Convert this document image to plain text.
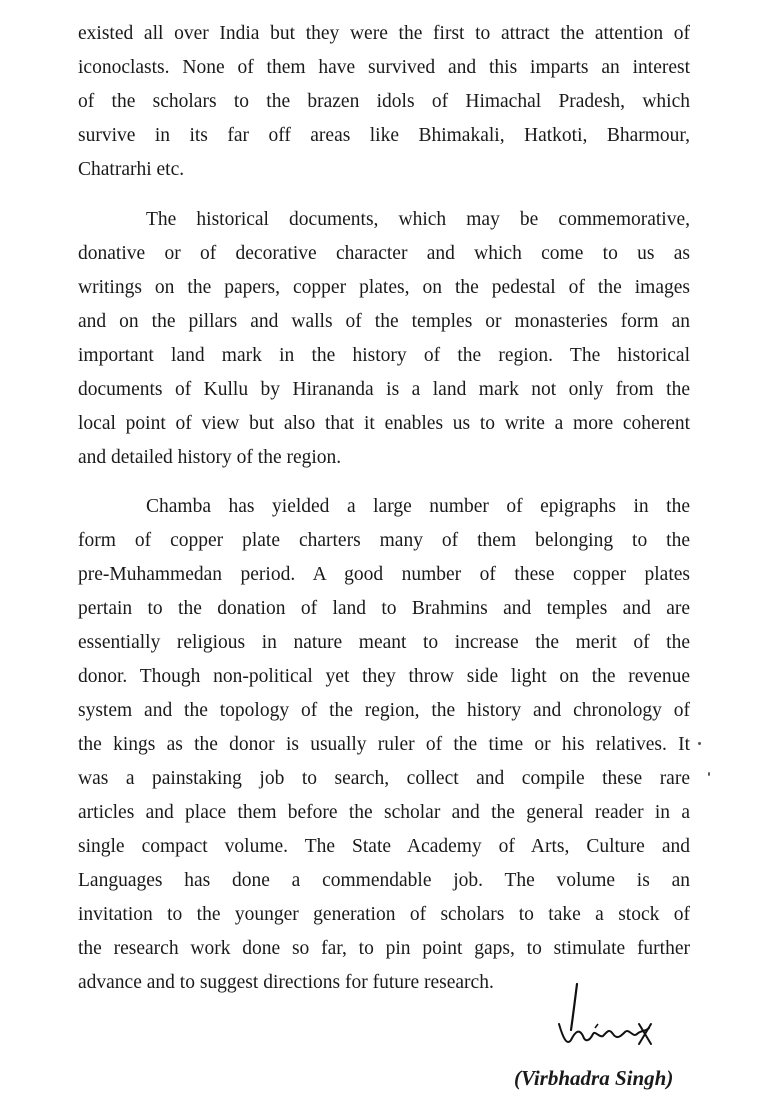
existed all over India but they were the first to attract the attention of
iconoclasts. None of them have survived and this imparts an interest
of the scholars to the brazen idols of Himachal Pradesh, which
survive in its far off areas like Bhimakali, Hatkoti, Bharmour,
Chatrarhi etc.
The historical documents, which may be commemorative,
donative or of decorative character and which come to us as
writings on the papers, copper plates, on the pedestal of the images
and on the pillars and walls of the temples or monasteries form an
important land mark in the history of the region. The historical
documents of Kullu by Hirananda is a land mark not only from the
local point of view but also that it enables us to write a more coherent
and detailed history of the region.
Chamba has yielded a large number of epigraphs in the
form of copper plate charters many of them belonging to the
pre-Muhammedan period. A good number of these copper plates
pertain to the donation of land to Brahmins and temples and are
essentially religious in nature meant to increase the merit of the
donor. Though non-political yet they throw side light on the revenue
system and the topology of the region, the history and chronology of
the kings as the donor is usually ruler of the time or his relatives. It
was a painstaking job to search, collect and compile these rare
articles and place them before the scholar and the general reader in a
single compact volume. The State Academy of Arts, Culture and
Languages has done a commendable job. The volume is an
invitation to the younger generation of scholars to take a stock of
the research work done so far, to pin point gaps, to stimulate further
advance and to suggest directions for future research.
(Virbhadra Singh)
